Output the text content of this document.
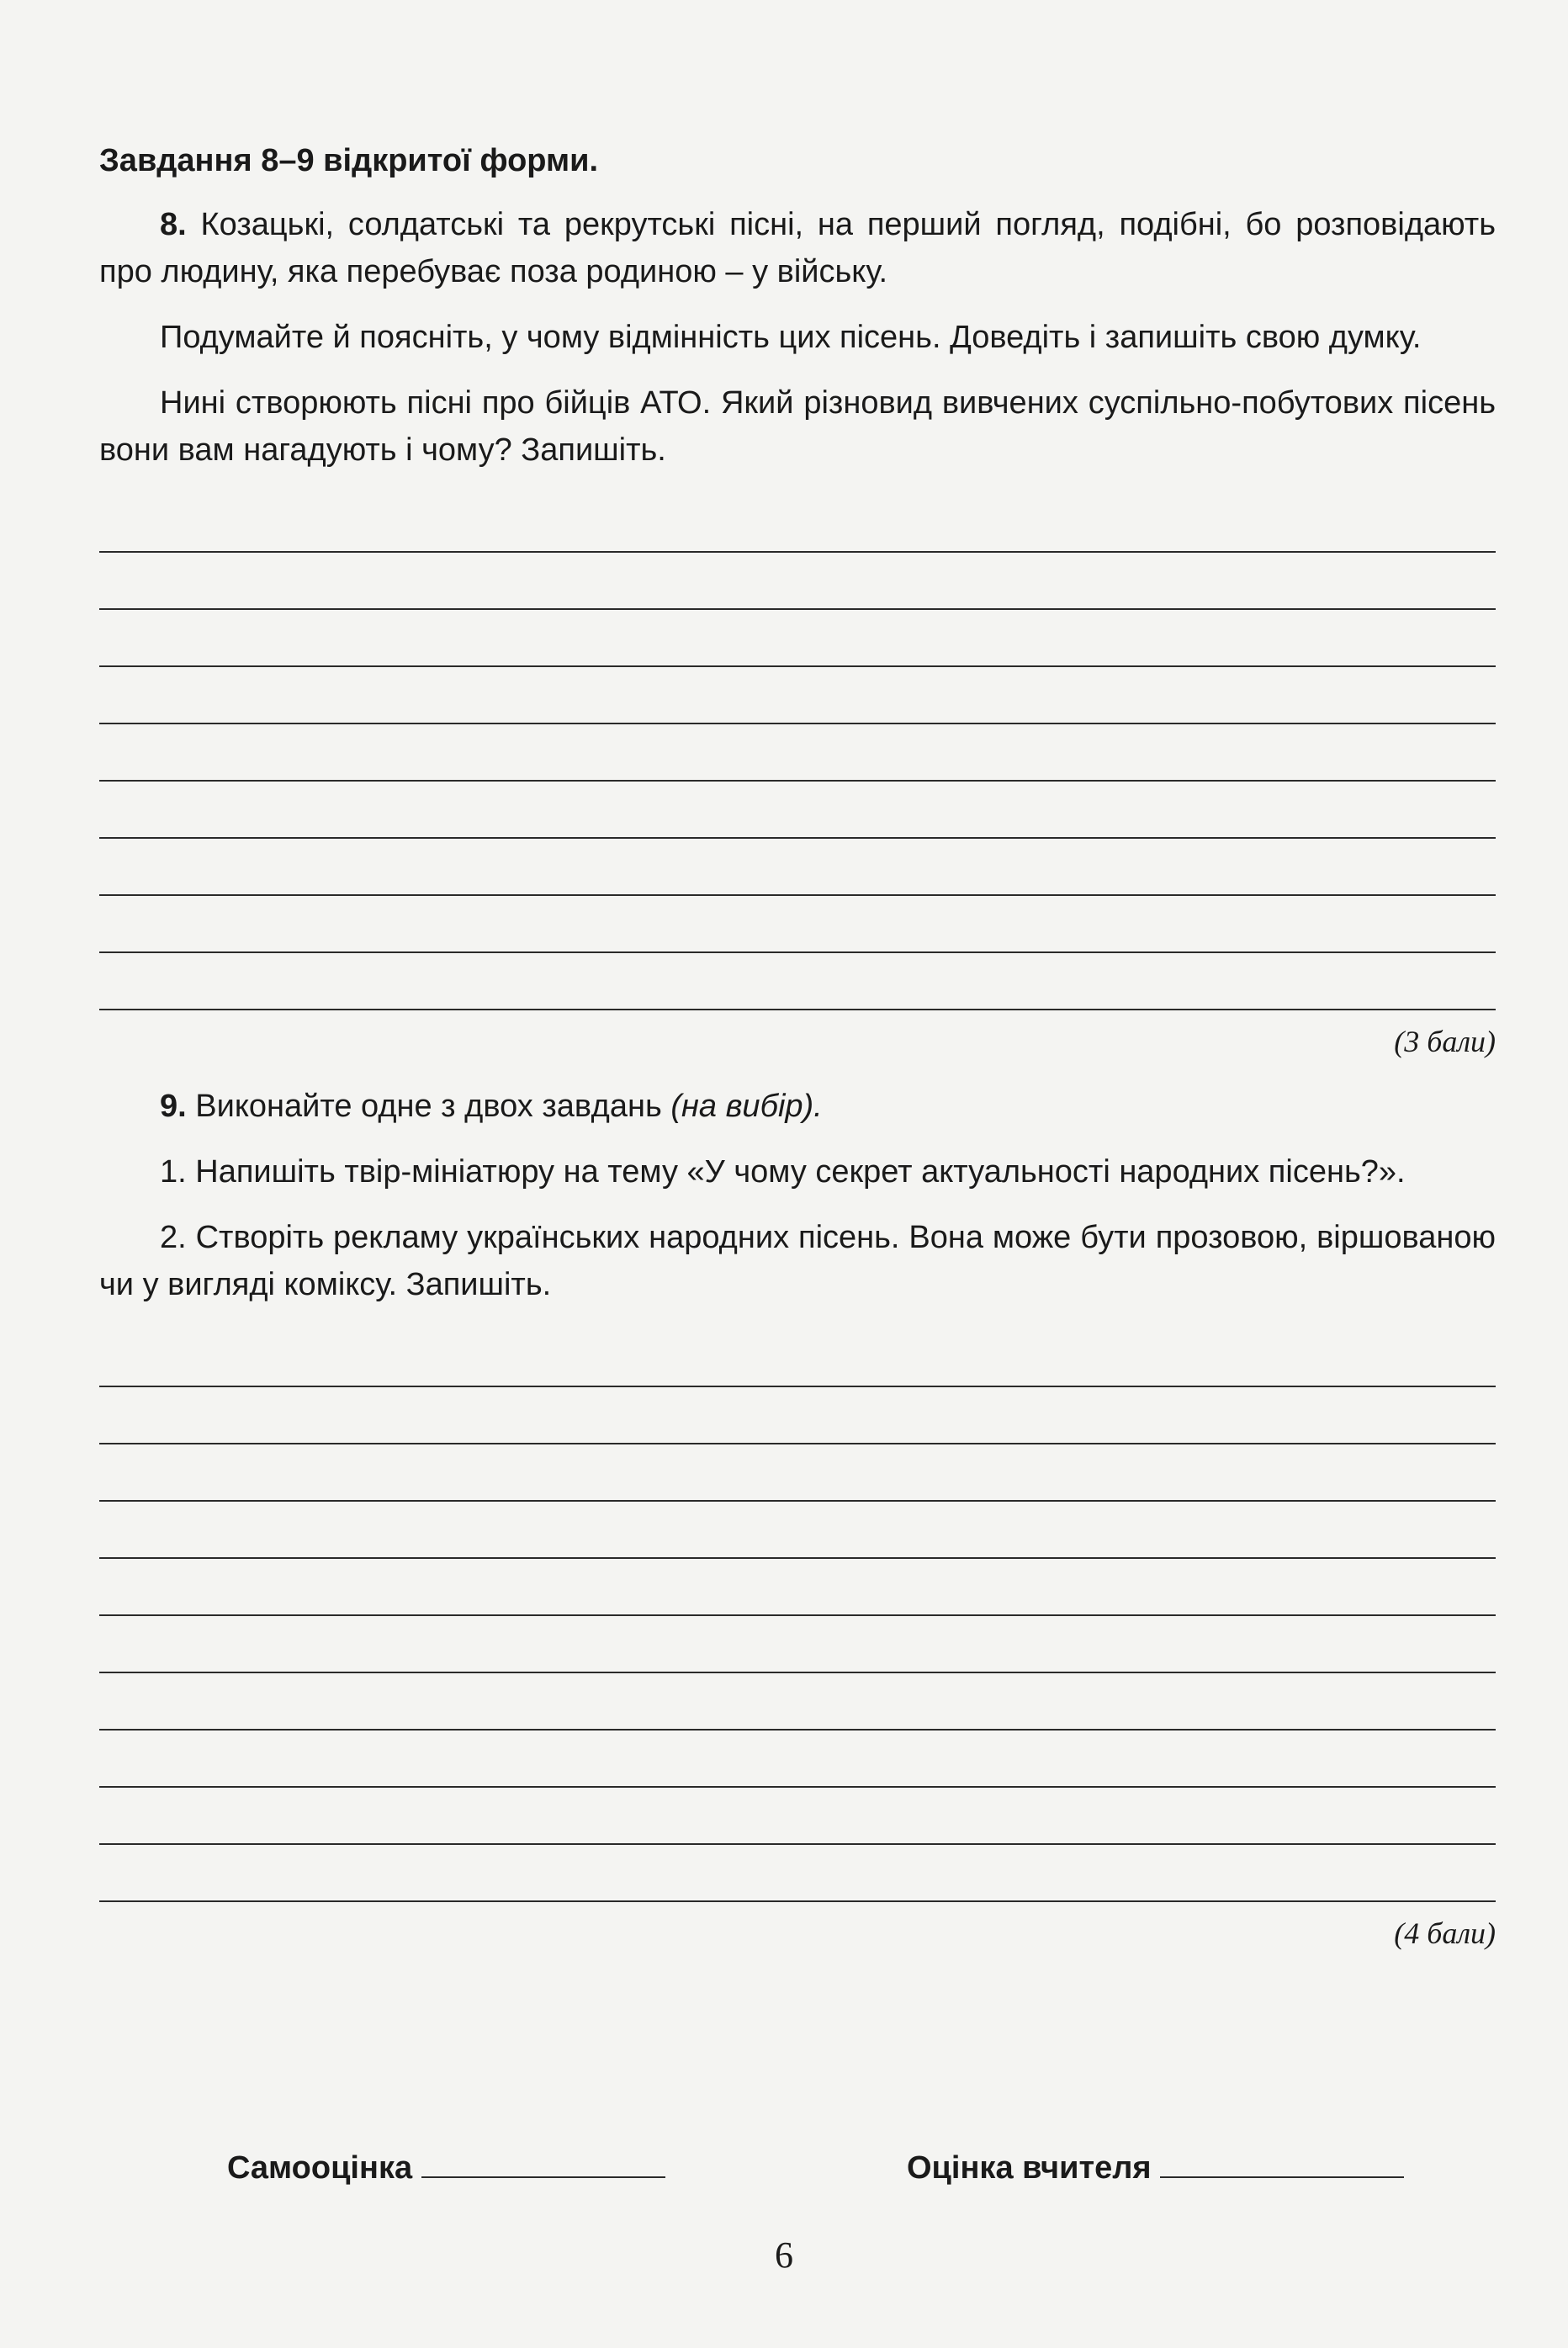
Завдання 8–9 відкритої форми.

8. Козацькі, солдатські та рекрутські пісні, на перший погляд, подібні, бо розповідають про людину, яка перебуває поза родиною – у війську.

Подумайте й поясніть, у чому відмінність цих пісень. Доведіть і запишіть свою думку.

Нині створюють пісні про бійців АТО. Який різновид вивчених суспільно-побутових пісень вони вам нагадують і чому? Запишіть.

(3 бали)

9. Виконайте одне з двох завдань (на вибір).

1. Напишіть твір-мініатюру на тему «У чому секрет актуальності народних пісень?».

2. Створіть рекламу українських народних пісень. Вона може бути прозовою, віршованою чи у вигляді коміксу. Запишіть.

(4 бали)
Самооцінка	Оцінка вчителя
6
